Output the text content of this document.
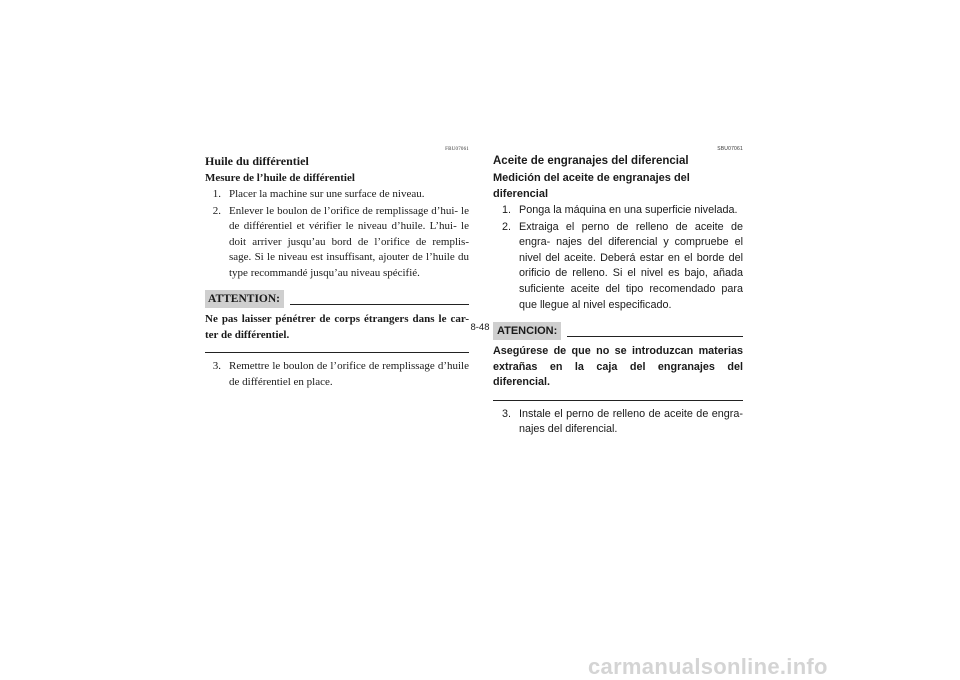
FBU07061
Huile du différentiel
Mesure de l’huile de différentiel
1. Placer la machine sur une surface de niveau.
2. Enlever le boulon de l’orifice de remplissage d’hui- le de différentiel et vérifier le niveau d’huile. L’hui- le doit arriver jusqu’au bord de l’orifice de remplis- sage. Si le niveau est insuffisant, ajouter de l’huile du type recommandé jusqu’au niveau spécifié.
ATTENTION:
Ne pas laisser pénétrer de corps étrangers dans le car- ter de différentiel.
3. Remettre le boulon de l’orifice de remplissage d’huile de différentiel en place.
SBU07061
Aceite de engranajes del diferencial
Medición del aceite de engranajes del diferencial
1. Ponga la máquina en una superficie nivelada.
2. Extraiga el perno de relleno de aceite de engra- najes del diferencial y compruebe el nivel del aceite. Deberá estar en el borde del orificio de relleno. Si el nivel es bajo, añada suficiente aceite del tipo recomendado para que llegue al nivel especificado.
ATENCION:
Asegúrese de que no se introduzcan materias extrañas en la caja del engranajes del diferencial.
3. Instale el perno de relleno de aceite de engra- najes del diferencial.
8-48
carmanualsonline.info
